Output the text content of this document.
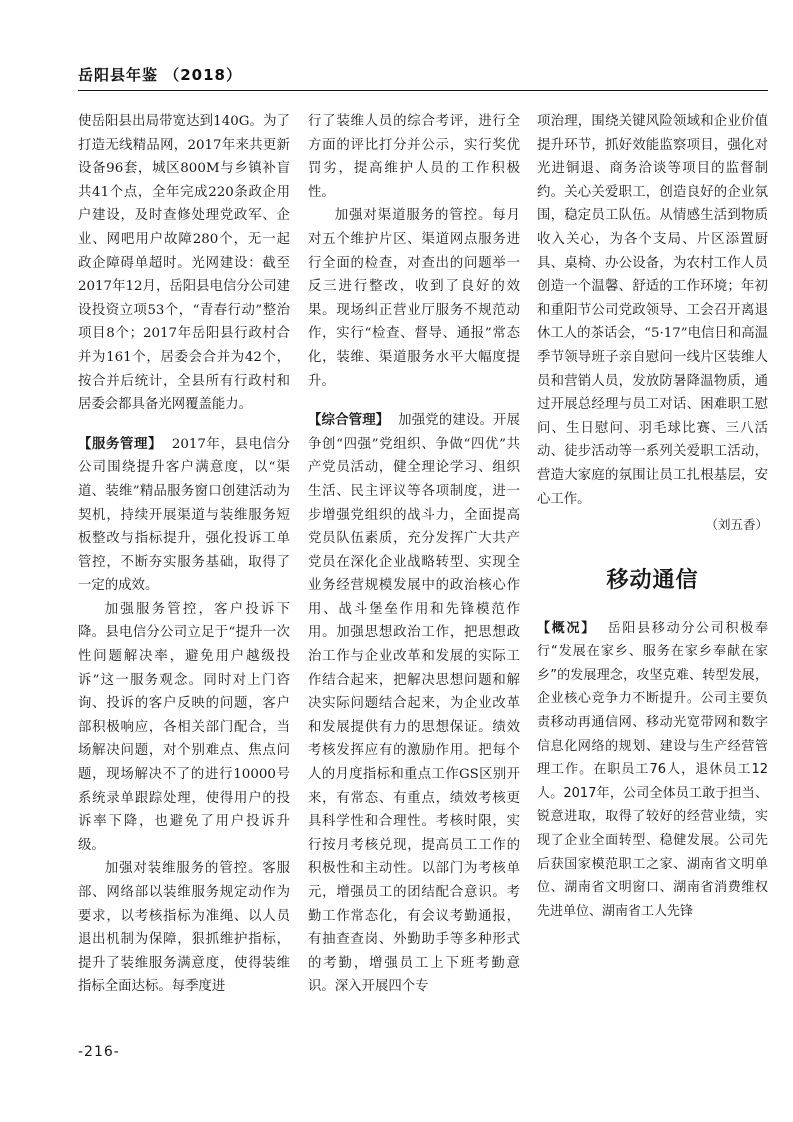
岳阳县年鉴 （2018）

使岳阳县出局带宽达到140G。为了打造无线精品网，2017年来共更新设备96套，城区800M与乡镇补盲共41个点，全年完成220条政企用户建设，及时查修处理党政军、企业、网吧用户故障280个，无一起政企障碍单超时。光网建设：截至2017年12月，岳阳县电信分公司建设投资立项53个，“青春行动”整治项目8个；2017年岳阳县行政村合并为161个，居委会合并为42个，按合并后统计，全县所有行政村和居委会都具备光网覆盖能力。

【服务管理】 2017年，县电信分公司围绕提升客户满意度，以“渠道、装维”精品服务窗口创建活动为契机，持续开展渠道与装维服务短板整改与指标提升，强化投诉工单管控，不断夯实服务基础，取得了一定的成效。

加强服务管控，客户投诉下降。县电信分公司立足于“提升一次性问题解决率，避免用户越级投诉”这一服务观念。同时对上门咨询、投诉的客户反映的问题，客户部积极响应，各相关部门配合，当场解决问题，对个别难点、焦点问题，现场解决不了的进行10000号系统录单跟踪处理，使得用户的投诉率下降，也避免了用户投诉升级。

加强对装维服务的管控。客服部、网络部以装维服务规定动作为要求，以考核指标为准绳、以人员退出机制为保障，狠抓维护指标，提升了装维服务满意度，使得装维指标全面达标。每季度进

行了装维人员的综合考评，进行全方面的评比打分并公示，实行奖优罚劣，提高维护人员的工作积极性。

加强对渠道服务的管控。每月对五个维护片区、渠道网点服务进行全面的检查，对查出的问题举一反三进行整改，收到了良好的效果。现场纠正营业厅服务不规范动作，实行“检查、督导、通报”常态化，装维、渠道服务水平大幅度提升。

【综合管理】 加强党的建设。开展争创“四强”党组织、争做“四优”共产党员活动，健全理论学习、组织生活、民主评议等各项制度，进一步增强党组织的战斗力，全面提高党员队伍素质，充分发挥广大共产党员在深化企业战略转型、实现全业务经营规模发展中的政治核心作用、战斗堡垒作用和先锋模范作用。加强思想政治工作，把思想政治工作与企业改革和发展的实际工作结合起来，把解决思想问题和解决实际问题结合起来，为企业改革和发展提供有力的思想保证。绩效考核发挥应有的激励作用。把每个人的月度指标和重点工作GS区别开来，有常态、有重点，绩效考核更具科学性和合理性。考核时限，实行按月考核兑现，提高员工工作的积极性和主动性。以部门为考核单元，增强员工的团结配合意识。考勤工作常态化，有会议考勤通报，有抽查查岗、外勤助手等多种形式的考勤，增强员工上下班考勤意识。深入开展四个专

项治理，围绕关键风险领域和企业价值提升环节，抓好效能监察项目，强化对光进铜退、商务洽谈等项目的监督制约。关心关爱职工，创造良好的企业氛围，稳定员工队伍。从情感生活到物质收入关心，为各个支局、片区添置厨具、桌椅、办公设备，为农村工作人员创造一个温馨、舒适的工作环境；年初和重阳节公司党政领导、工会召开离退休工人的茶话会，“5·17”电信日和高温季节领导班子亲自慰问一线片区装维人员和营销人员，发放防暑降温物质，通过开展总经理与员工对话、困难职工慰问、生日慰问、羽毛球比赛、三八活动、徒步活动等一系列关爱职工活动，营造大家庭的氛围让员工扎根基层，安心工作。

（刘五香）
移动通信

【概况】 岳阳县移动分公司积极奉行“发展在家乡、服务在家乡奉献在家乡”的发展理念，攻坚克难、转型发展，企业核心竞争力不断提升。公司主要负责移动再通信网、移动光宽带网和数字信息化网络的规划、建设与生产经营管理工作。在职员工76人，退休员工12人。2017年，公司全体员工敢于担当、锐意进取，取得了较好的经营业绩，实现了企业全面转型、稳健发展。公司先后获国家模范职工之家、湖南省文明单位、湖南省文明窗口、湖南省消费维权先进单位、湖南省工人先锋

-216-
